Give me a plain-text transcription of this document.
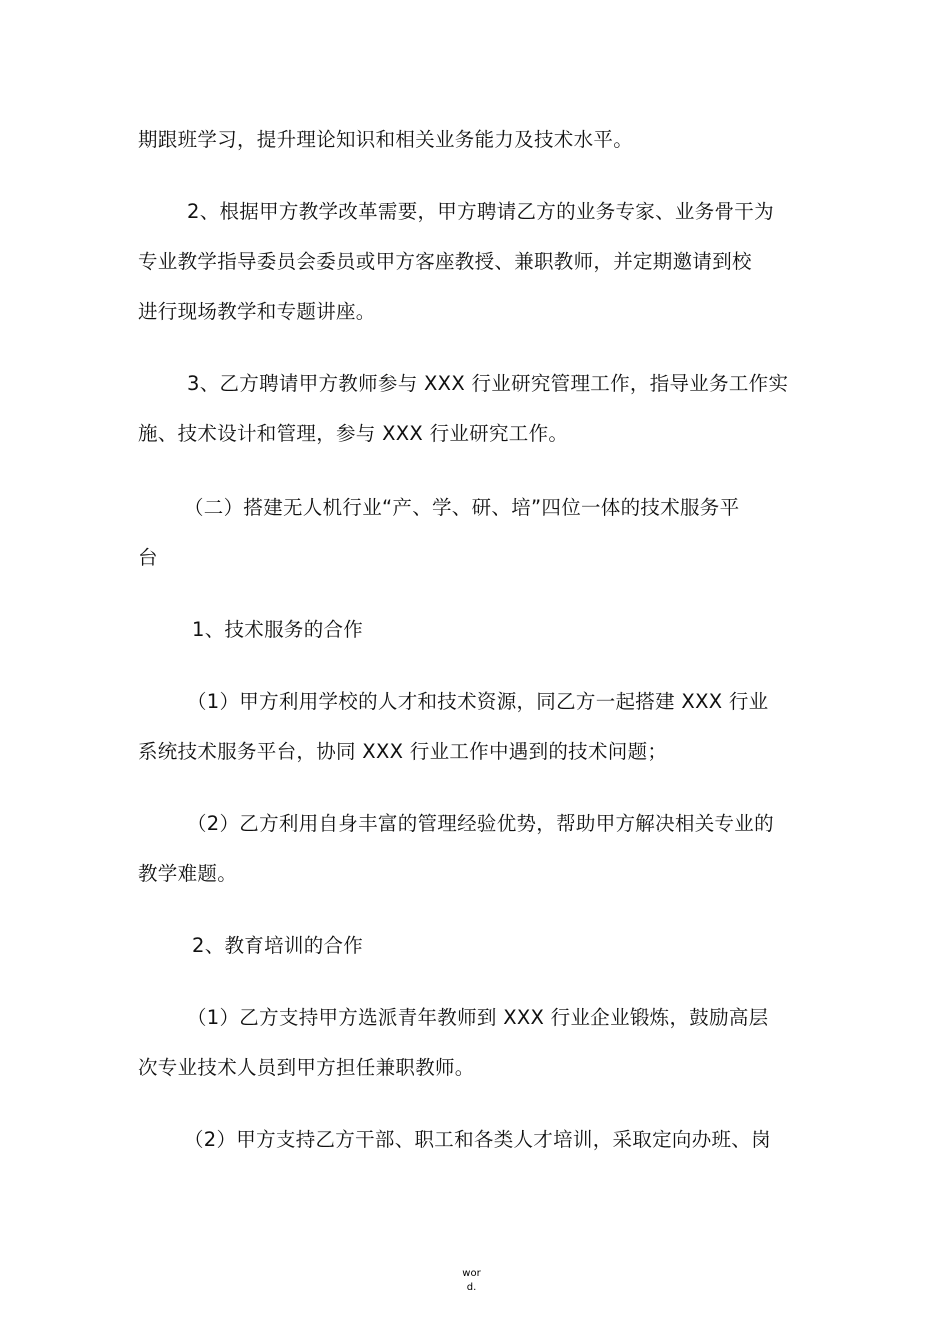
期跟班学习，提升理论知识和相关业务能力及技术水平。
2、根据甲方教学改革需要，甲方聘请乙方的业务专家、业务骨干为
专业教学指导委员会委员或甲方客座教授、兼职教师，并定期邀请到校
进行现场教学和专题讲座。
3、乙方聘请甲方教师参与 XXX 行业研究管理工作，指导业务工作实
施、技术设计和管理，参与 XXX 行业研究工作。
（二）搭建无人机行业“产、学、研、培”四位一体的技术服务平
台
1、技术服务的合作
（1）甲方利用学校的人才和技术资源，同乙方一起搭建 XXX 行业
系统技术服务平台，协同 XXX 行业工作中遇到的技术问题；
（2）乙方利用自身丰富的管理经验优势，帮助甲方解决相关专业的
教学难题。
2、教育培训的合作
（1）乙方支持甲方选派青年教师到 XXX 行业企业锻炼，鼓励高层
次专业技术人员到甲方担任兼职教师。
（2）甲方支持乙方干部、职工和各类人才培训，采取定向办班、岗
wor
d.
